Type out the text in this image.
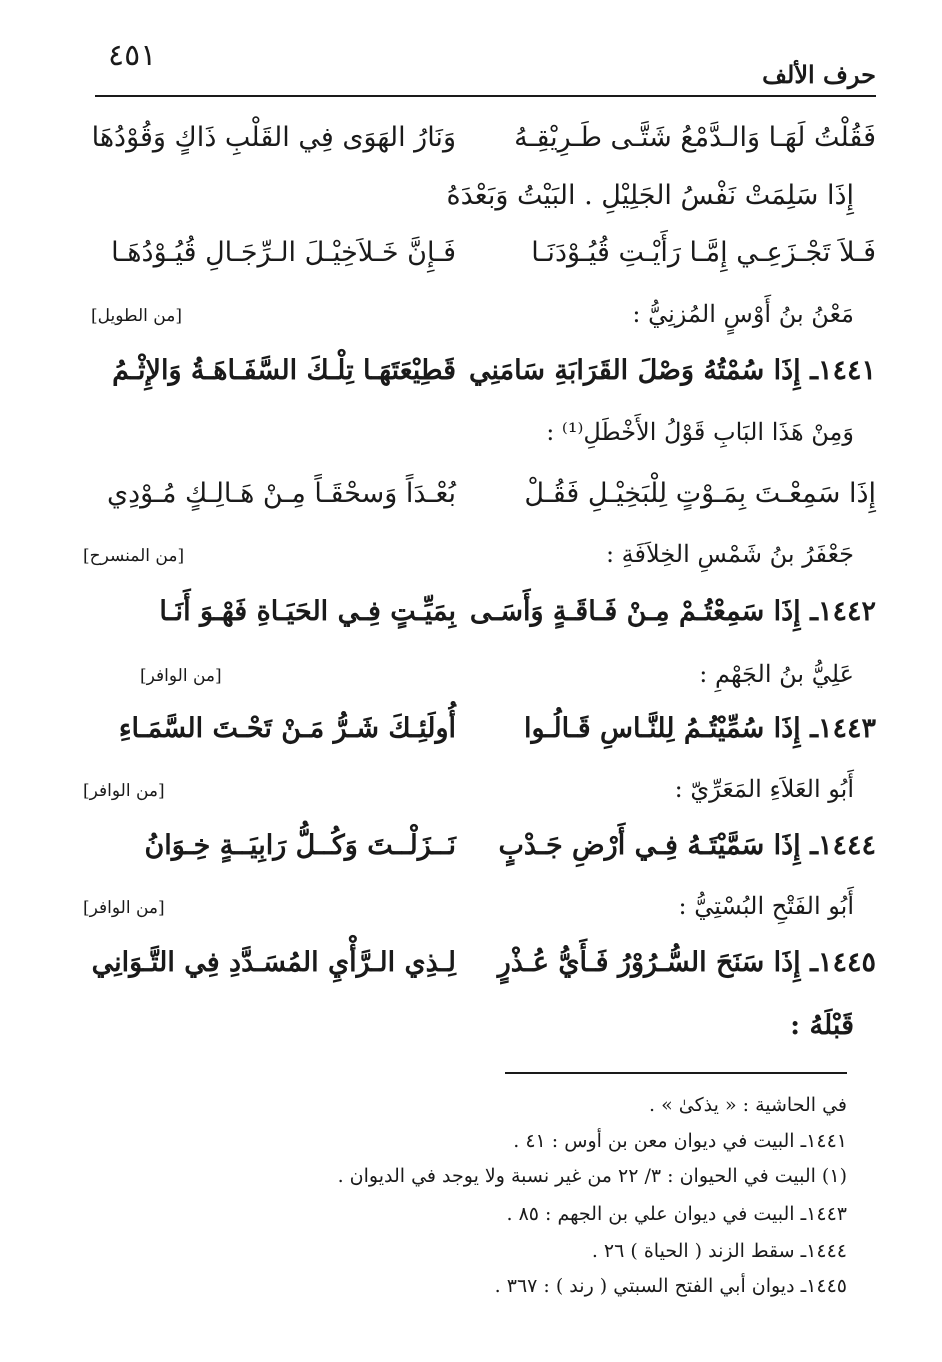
٤٥١
حرف الألف
فَقُلْتُ لَهَـا وَالـدَّمْعُ شَتَّـى طَـرِيْقِـهُ
وَنَارُ الهَوَى فِي القَلْبِ ذَاكٍ وَقُوْدُهَا
إِذَا سَلِمَتْ نَفْسُ الجَلِيْلِ . البَيْتُ وَبَعْدَهُ
فَـلاَ تَجْـزَعِـي إِمَّـا رَأَيْـتِ قُيُـوْدَنَـا
فَـإِنَّ خَـلاَخِيْـلَ الـرِّجَـالِ قُيُـوْدُهَـا
مَعْنُ بنُ أَوْسٍ المُزنِيُّ :
[من الطويل]
١٤٤١ـ إِذَا سُمْتُهُ وَصْلَ القَرَابَةِ سَامَنِي
قَطِيْعَتَهَـا تِلْـكَ السَّفَـاهَـةُ وَالإِثْـمُ
وَمِنْ هَذَا البَابِ قَوْلُ الأَخْطَلِ⁽¹⁾ :
إِذَا سَمِعْـتَ بِمَـوْتٍ لِلْبَخِيْـلِ فَقُـلْ
بُعْـدَاً وَسحْقَـاً مِـنْ هَـالِـكٍ مُـوْدِي
جَعْفَرُ بنُ شَمْسِ الخِلاَفَةِ :
[من المنسرح]
١٤٤٢ـ إِذَا سَمِعْتُـمْ مِـنْ فَـاقَـةٍ وَأَسَـى
بِمَيِّـتٍ فِـي الحَيَـاةِ فَهْـوَ أَنَـا
عَلِيُّ بنُ الجَهْمِ :
[من الوافر]
١٤٤٣ـ إِذَا سُمِّيْتُـمُ لِلنَّـاسِ قَـالُـوا
أُولَئِـكَ شَـرُّ مَـنْ تَحْـتَ السَّمَـاءِ
أَبُو العَلاَءِ المَعَرِّيّ :
[من الوافر]
١٤٤٤ـ إِذَا سَمَّيْتَـهُ فِـي أَرْضِ جَـدْبٍ
نَــزَلْــتَ وَكُــلُّ رَابِيَــةٍ خِـوَانُ
أَبُو الفَتْحِ البُسْتِيُّ :
[من الوافر]
١٤٤٥ـ إِذَا سَنَحَ السُّـرُوْرُ فَـأَيُّ عُـذْرٍ
لِـذِي الـرَّأْيِ المُسَـدَّدِ فِي التَّـوَانِي
قَبْلَهُ :
في الحاشية : « يذكىٰ » .
١٤٤١ـ البيت في ديوان معن بن أوس : ٤١ .
(١) البيت في الحيوان : ٣/ ٢٢ من غير نسبة ولا يوجد في الديوان .
١٤٤٣ـ البيت في ديوان علي بن الجهم : ٨٥ .
١٤٤٤ـ سقط الزند ( الحياة ) ٢٦ .
١٤٤٥ـ ديوان أبي الفتح السبتي ( رند ) : ٣٦٧ .
